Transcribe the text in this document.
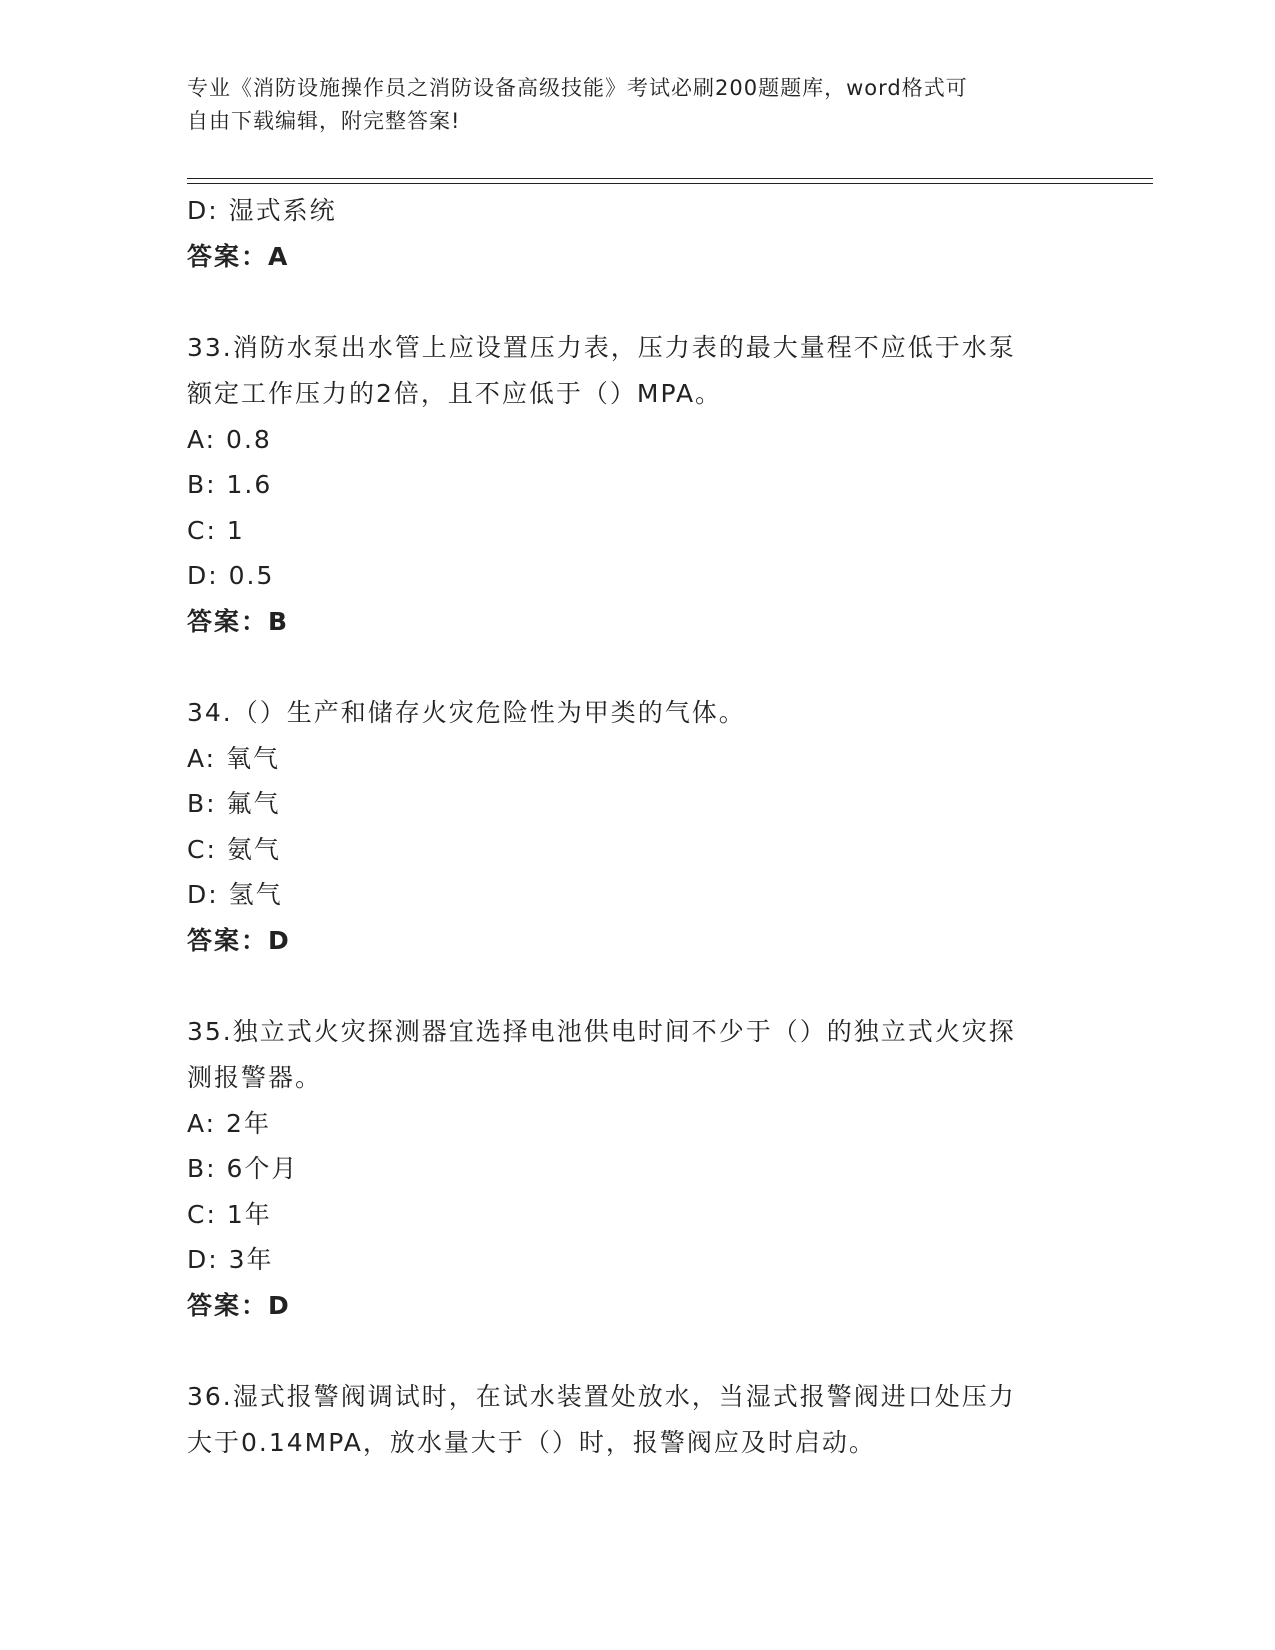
专业《消防设施操作员之消防设备高级技能》考试必刷200题题库，word格式可
自由下载编辑，附完整答案!
D: 湿式系统
答案：A
33.消防水泵出水管上应设置压力表，压力表的最大量程不应低于水泵
额定工作压力的2倍，且不应低于（）MPA。
A: 0.8
B: 1.6
C: 1
D: 0.5
答案：B
34.（）生产和储存火灾危险性为甲类的气体。
A: 氧气
B: 氟气
C: 氨气
D: 氢气
答案：D
35.独立式火灾探测器宜选择电池供电时间不少于（）的独立式火灾探
测报警器。
A: 2年
B: 6个月
C: 1年
D: 3年
答案：D
36.湿式报警阀调试时，在试水装置处放水，当湿式报警阀进口处压力
大于0.14MPA，放水量大于（）时，报警阀应及时启动。
